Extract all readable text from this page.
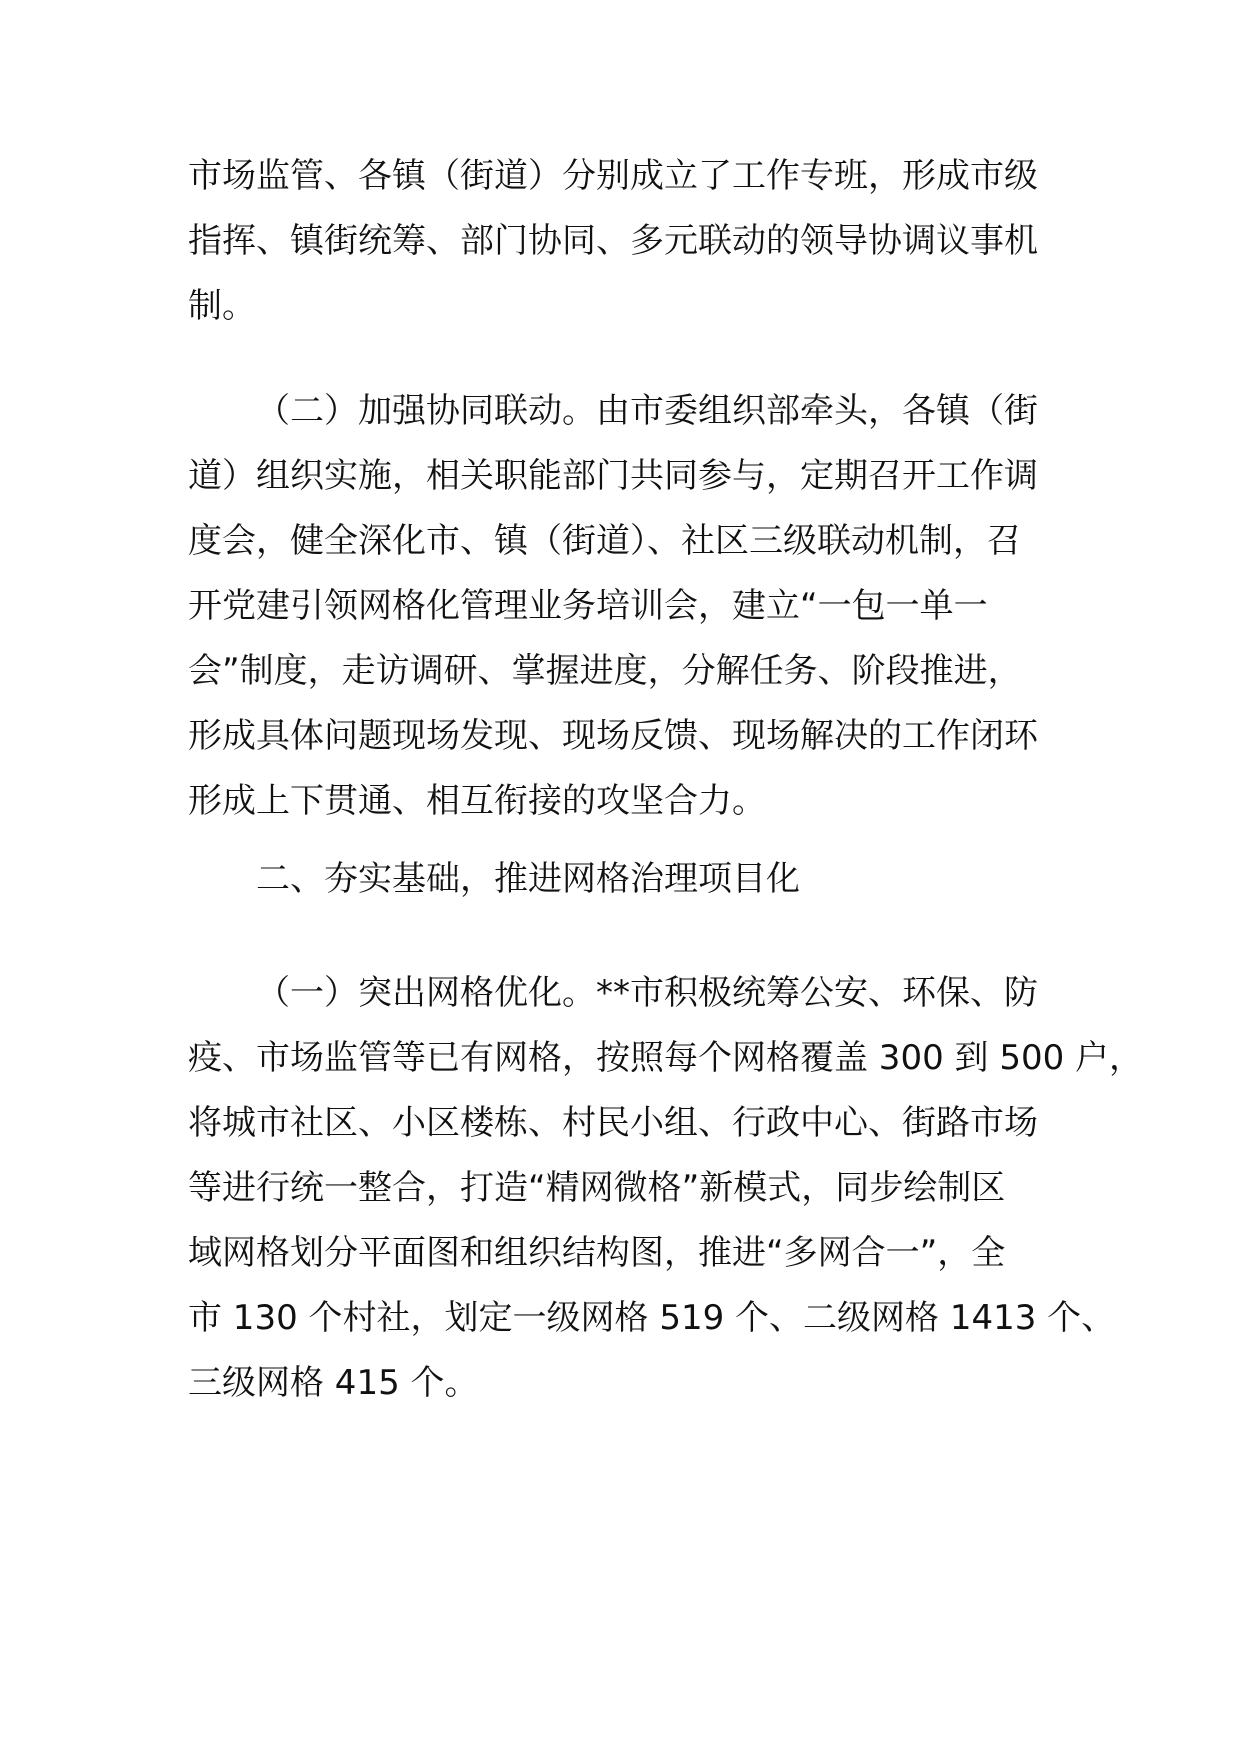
市场监管、各镇（街道）分别成立了工作专班，形成市级
指挥、镇街统筹、部门协同、多元联动的领导协调议事机
制。
（二）加强协同联动。由市委组织部牵头，各镇（街
道）组织实施，相关职能部门共同参与，定期召开工作调
度会，健全深化市、镇（街道）、社区三级联动机制，召
开党建引领网格化管理业务培训会，建立“一包一单一
会”制度，走访调研、掌握进度，分解任务、阶段推进，
形成具体问题现场发现、现场反馈、现场解决的工作闭环
形成上下贯通、相互衔接的攻坚合力。
二、夯实基础，推进网格治理项目化
（一）突出网格优化。**市积极统筹公安、环保、防
疫、市场监管等已有网格，按照每个网格覆盖 300 到 500 户，
将城市社区、小区楼栋、村民小组、行政中心、街路市场
等进行统一整合，打造“精网微格”新模式，同步绘制区
域网格划分平面图和组织结构图，推进“多网合一”，全
市 130 个村社，划定一级网格 519 个、二级网格 1413 个、
三级网格 415 个。
